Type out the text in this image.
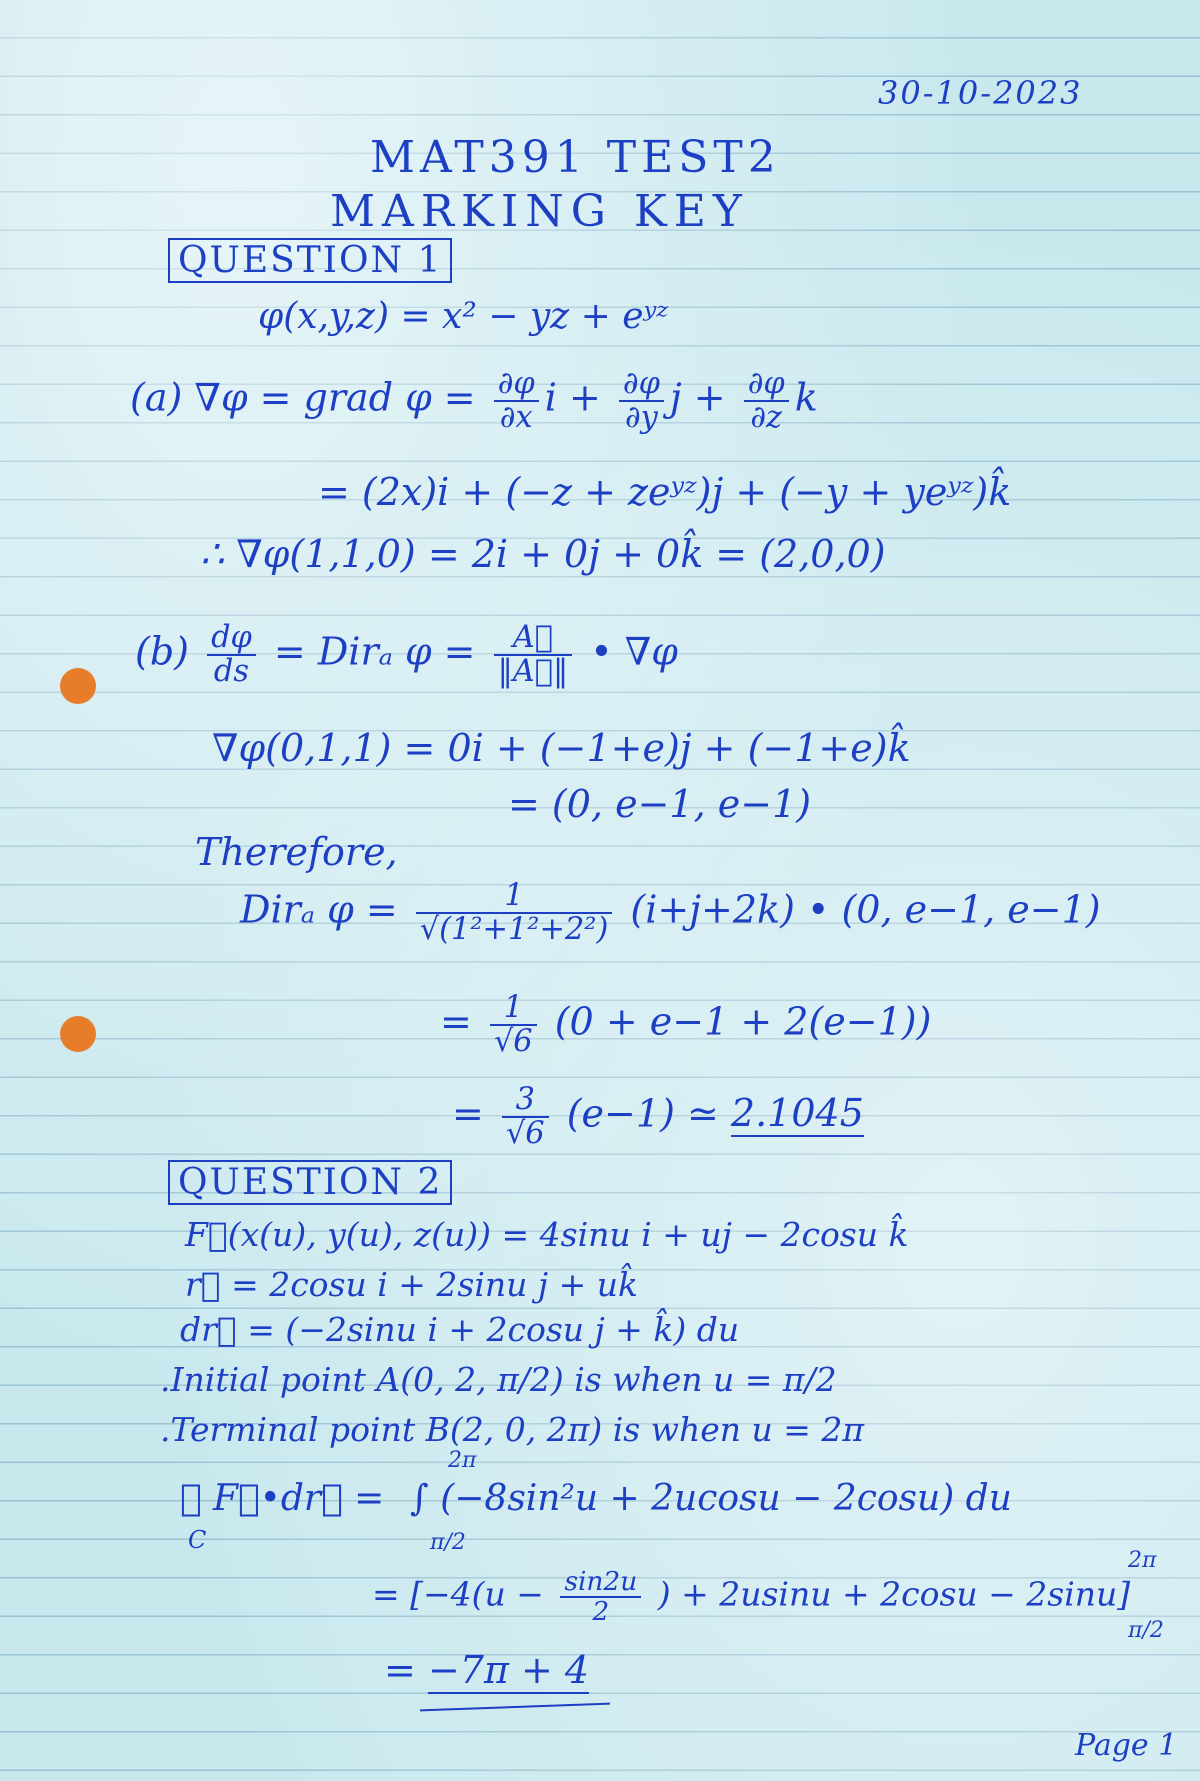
30-10-2023
MAT391 TEST2
MARKING KEY
QUESTION 1
φ(x,y,z) = x² − yz + eʸᶻ
(a) ∇φ = grad $\varphi = \frac{\partial\varphi}{\partial x}$ $i + \frac{\partial\varphi}{\partial y}$ $j + \frac{\partial\varphi}{\partial z}$ k
= (2x)i + (−z + zeʸᶻ)j + (−y + yeʸᶻ)k̂
∴ ∇φ(1,1,0) = 2i + 0j + 0k̂ = (2,0,0)
$(b) \frac{d\varphi}{ds} = Dir_a$ $\varphi = \frac{A⃗}{‖A⃗‖}$ • ∇φ
∇φ(0,1,1) = 0i + (−1+e)j + (−1+e)k̂
= (0, e−1, e−1)
Therefore,
Dirₐ $\varphi = \frac{1}{\text{√(1²+1²+2²)}} (i+j+2k)$ • (0, e−1, e−1)
= $\frac{1}{√6} (0 + e-1 + 2(e-1))$
= $\frac{3}{√6} (e-1)$ ≃ 2.1045
QUESTION 2
F⃗(x(u), y(u), z(u)) = 4sinu i + uj − 2cosu k̂
r⃗ = 2cosu i + 2sinu j + uk̂
dr⃗ = (−2sinu i + 2cosu j + k̂) du
.Initial point A(0, 2, π/2) is when u = π/2
.Terminal point B(2, 0, 2π) is when u = 2π
∮ F⃗•dr⃗ =
C
2π
π/2
∫ (−8sin²u + 2ucosu − 2cosu) du
= [$-4(u - \frac{\sin 2u}{2}$ ) + 2usinu + 2cosu − 2sinu]
2π
π/2
= −7π + 4
Page 1
